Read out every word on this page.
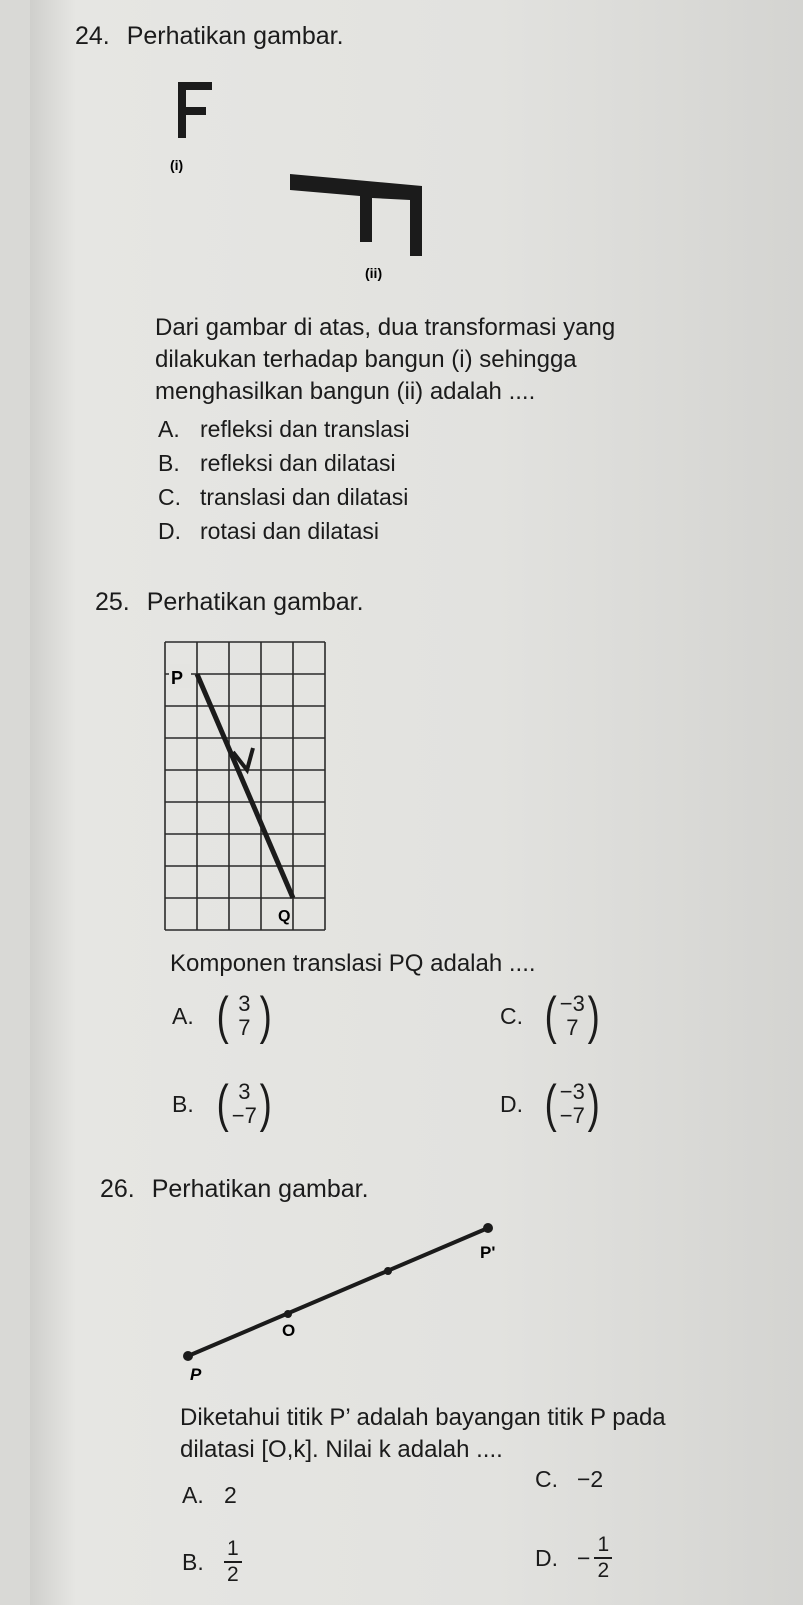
24. Perhatikan gambar.
(i)
(ii)
Dari gambar di atas, dua transformasi yang
dilakukan terhadap bangun (i) sehingga
menghasilkan bangun (ii) adalah ....
A. refleksi dan translasi
B. refleksi dan dilatasi
C. translasi dan dilatasi
D. rotasi dan dilatasi
25. Perhatikan gambar.
P
Q
Komponen translasi PQ adalah ....
A. ( 3
7 )	C. ( −3
7 )
B. ( 3
−7 )	D. ( −3
−7 )
26. Perhatikan gambar.
O
P
P'
Diketahui titik P’ adalah bayangan titik P pada
dilatasi [O,k]. Nilai k adalah ....
A. 2
C. −2
B. $\frac{1}{2}$	D. − $\frac{1}{2}$
